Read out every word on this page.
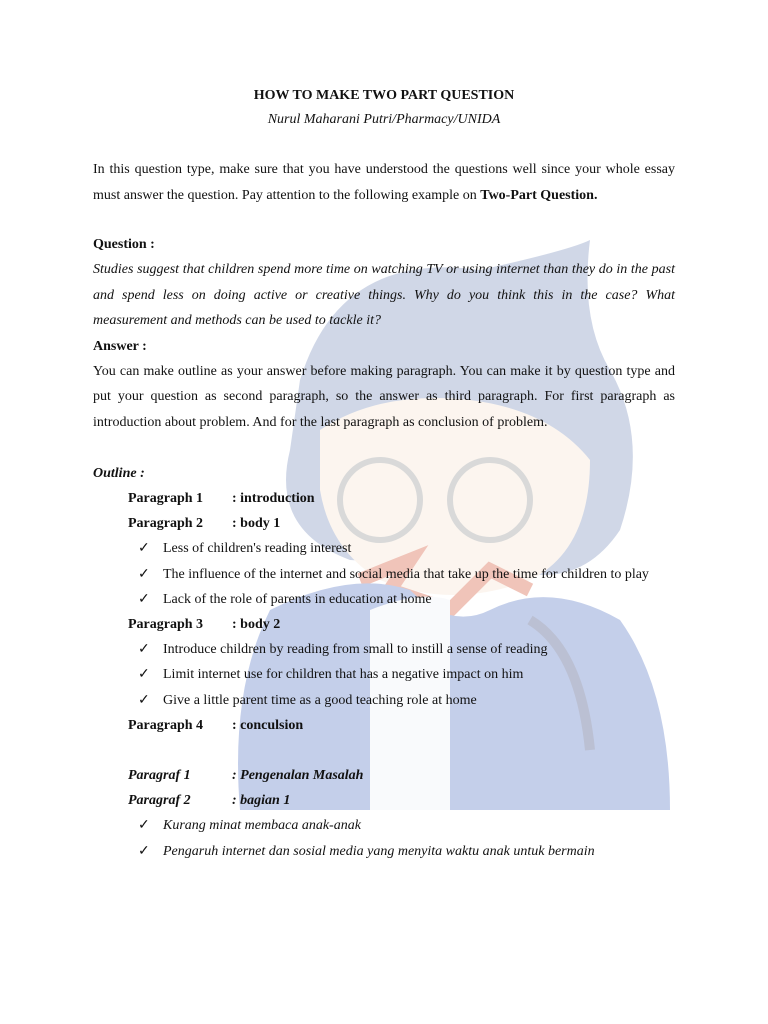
HOW TO MAKE TWO PART QUESTION

Nurul Maharani Putri/Pharmacy/UNIDA

In this question type, make sure that you have understood the questions well since your whole essay must answer the question. Pay attention to the following example on Two-Part Question.

Question :
Studies suggest that children spend more time on watching TV or using internet than they do in the past and spend less on doing active or creative things. Why do you think this in the case? What measurement and methods can be used to tackle it?
Answer :

You can make outline as your answer before making paragraph. You can make it by question type and put your question as second paragraph, so the answer as third paragraph. For first paragraph as introduction about problem. And for the last paragraph as conclusion of problem.

Outline :
Paragraph 1	: introduction
Paragraph 2	: body 1
✓ Less of children's reading interest
✓ The influence of the internet and social media that take up the time for children to play
✓ Lack of the role of parents in education at home
Paragraph 3	: body 2
✓ Introduce children by reading from small to instill a sense of reading
✓ Limit internet use for children that has a negative impact on him
✓ Give a little parent time as a good teaching role at home
Paragraph 4	: conculsion
Paragraf 1	: Pengenalan Masalah
Paragraf 2	: bagian 1
✓ Kurang minat membaca anak-anak
✓ Pengaruh internet dan sosial media yang menyita waktu anak untuk bermain
